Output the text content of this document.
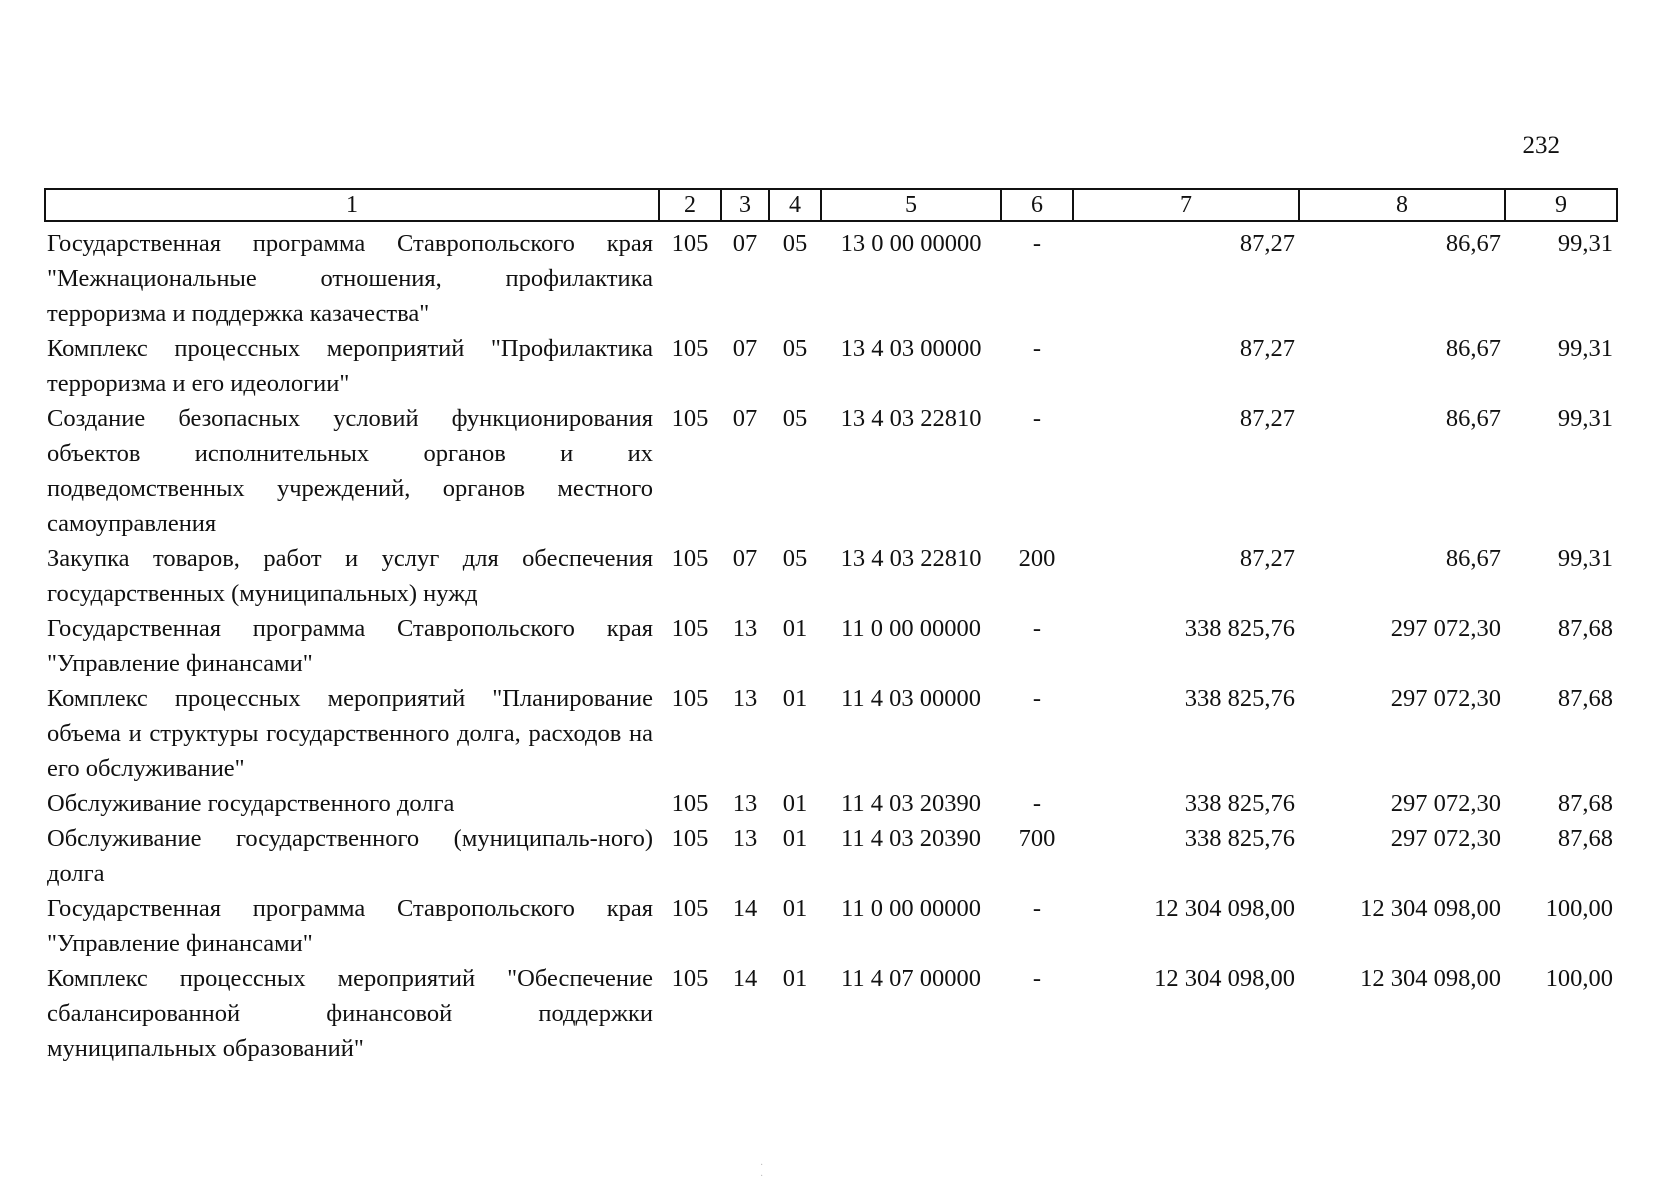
232
1	2	3	4	5	6	7	8	9
Государственная программа Ставропольского края "Межнациональные отношения, профилактика терроризма и поддержка казачества"	105	07	05	13 0 00 00000	-	87,27	86,67	99,31
Комплекс процессных мероприятий "Профилактика терроризма и его идеологии"	105	07	05	13 4 03 00000	-	87,27	86,67	99,31
Создание безопасных условий функционирования объектов исполнительных органов и их подведомственных учреждений, органов местного самоуправления	105	07	05	13 4 03 22810	-	87,27	86,67	99,31
Закупка товаров, работ и услуг для обеспечения государственных (муниципальных) нужд	105	07	05	13 4 03 22810	200	87,27	86,67	99,31
Государственная программа Ставропольского края "Управление финансами"	105	13	01	11 0 00 00000	-	338 825,76	297 072,30	87,68
Комплекс процессных мероприятий "Планирование объема и структуры государственного долга, расходов на его обслуживание"	105	13	01	11 4 03 00000	-	338 825,76	297 072,30	87,68
Обслуживание государственного долга	105	13	01	11 4 03 20390	-	338 825,76	297 072,30	87,68
Обслуживание государственного (муниципаль-ного) долга	105	13	01	11 4 03 20390	700	338 825,76	297 072,30	87,68
Государственная программа Ставропольского края "Управление финансами"	105	14	01	11 0 00 00000	-	12 304 098,00	12 304 098,00	100,00
Комплекс процессных мероприятий "Обеспечение сбалансированной финансовой поддержки муниципальных образований"	105	14	01	11 4 07 00000	-	12 304 098,00	12 304 098,00	100,00
· ·
